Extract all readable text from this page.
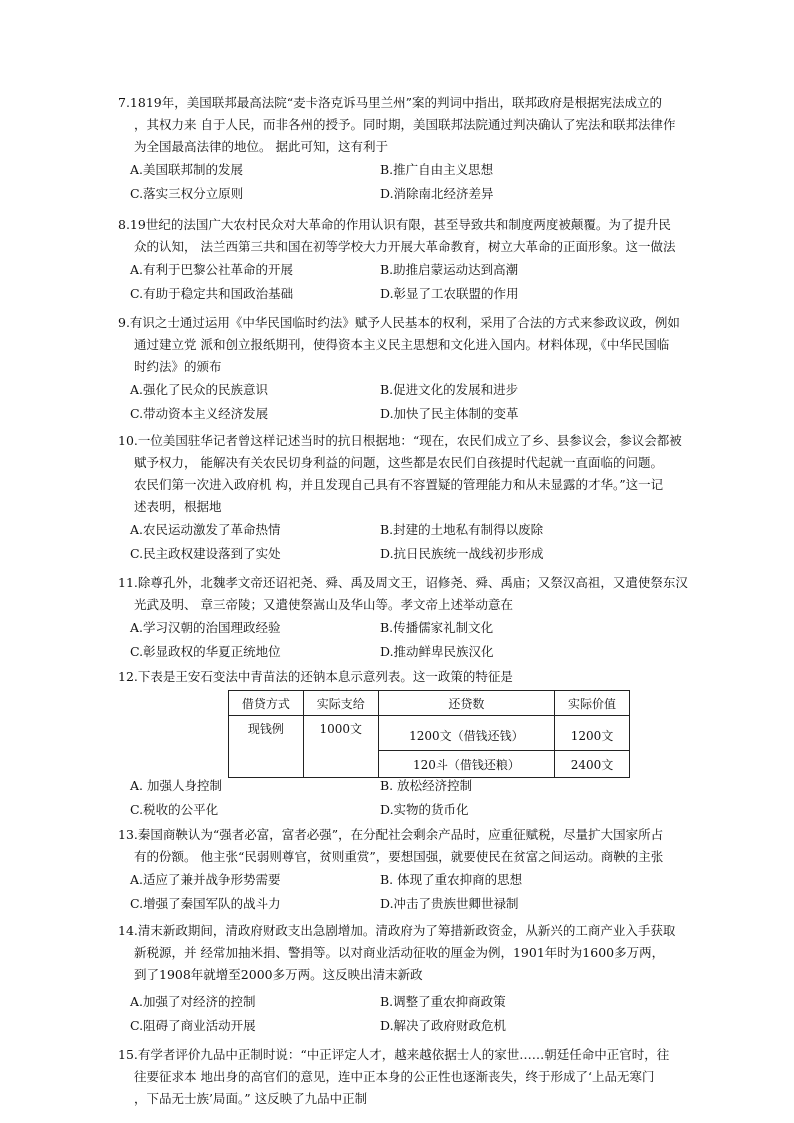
7.1819年，美国联邦最高法院“麦卡洛克诉马里兰州”案的判词中指出，联邦政府是根据宪法成立的
，其权力来 自于人民，而非各州的授予。同时期，美国联邦法院通过判决确认了宪法和联邦法律作
为全国最高法律的地位。 据此可知，这有利于
A.美国联邦制的发展	B.推广自由主义思想
C.落实三权分立原则	D.消除南北经济差异
8.19世纪的法国广大农村民众对大革命的作用认识有限，甚至导致共和制度两度被颠覆。为了提升民
众的认知， 法兰西第三共和国在初等学校大力开展大革命教育，树立大革命的正面形象。这一做法
A.有利于巴黎公社革命的开展	B.助推启蒙运动达到高潮
C.有助于稳定共和国政治基础	D.彰显了工农联盟的作用
9.有识之士通过运用《中华民国临时约法》赋予人民基本的权利，采用了合法的方式来参政议政，例如
通过建立党 派和创立报纸期刊，使得资本主义民主思想和文化进入国内。材料体现，《中华民国临
时约法》的颁布
A.强化了民众的民族意识	B.促进文化的发展和进步
C.带动资本主义经济发展	D.加快了民主体制的变革
10.一位美国驻华记者曾这样记述当时的抗日根据地：“现在，农民们成立了乡、县参议会，参议会都被
赋予权力， 能解决有关农民切身利益的问题，这些都是农民们自孩提时代起就一直面临的问题。
农民们第一次进入政府机 构，并且发现自己具有不容置疑的管理能力和从未显露的才华。”这一记
述表明，根据地
A.农民运动激发了革命热情	B.封建的土地私有制得以废除
C.民主政权建设落到了实处	D.抗日民族统一战线初步形成
11.除尊孔外，北魏孝文帝还诏祀尧、舜、禹及周文王，诏修尧、舜、禹庙；又祭汉高祖，又遣使祭东汉
光武及明、 章三帝陵；又遣使祭嵩山及华山等。孝文帝上述举动意在
A.学习汉朝的治国理政经验	B.传播儒家礼制文化
C.彰显政权的华夏正统地位	D.推动鲜卑民族汉化
12.下表是王安石变法中青苗法的还钠本息示意列表。这一政策的特征是
借贷方式	实际支给	还贷数	实际价值
现钱例	1000文	1200文（借钱还钱）	1200文
		120斗（借钱还粮）	2400文
A. 加强人身控制	B. 放松经济控制
C.税收的公平化	D.实物的货币化
13.秦国商鞅认为“强者必富，富者必强”，在分配社会剩余产品时，应重征赋税，尽量扩大国家所占
有的份额。 他主张“民弱则尊官，贫则重赏”，要想国强，就要使民在贫富之间运动。商鞅的主张
A.适应了兼并战争形势需要	B. 体现了重农抑商的思想
C.增强了秦国军队的战斗力	D.冲击了贵族世卿世禄制
14.清末新政期间，清政府财政支出急剧增加。清政府为了筹措新政资金，从新兴的工商产业入手获取
新税源，并 经常加抽米捐、警捐等。以对商业活动征收的厘金为例，1901年时为1600多万两，
到了1908年就增至2000多万两。这反映出清末新政
A.加强了对经济的控制	B.调整了重农抑商政策
C.阻碍了商业活动开展	D.解决了政府财政危机
15.有学者评价九品中正制时说：“中正评定人才，越来越依据士人的家世……朝廷任命中正官时，往
往要征求本 地出身的高官们的意见，连中正本身的公正性也逐渐丧失，终于形成了‘上品无寒门
，下品无士族’局面。” 这反映了九品中正制
